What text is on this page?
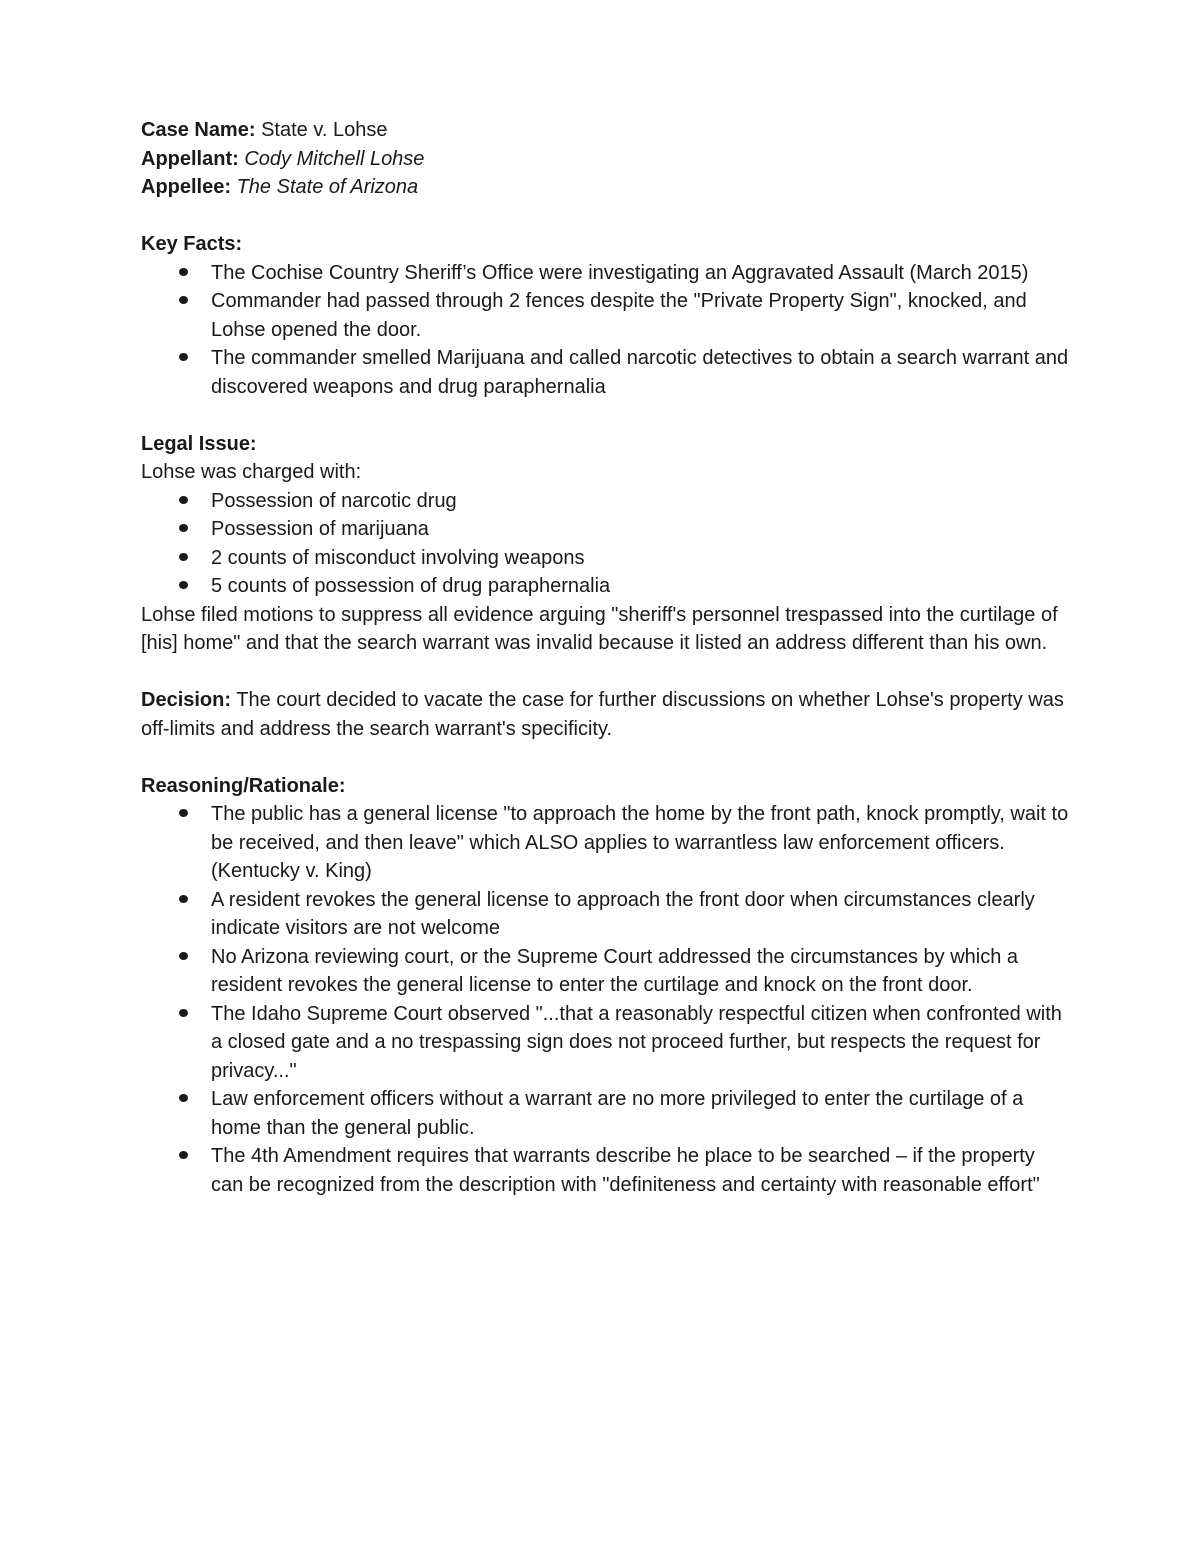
Case Name: State v. Lohse

Appellant: Cody Mitchell Lohse

Appellee: The State of Arizona

Key Facts:

The Cochise Country Sheriff’s Office were investigating an Aggravated Assault (March 2015)
Commander had passed through 2 fences despite the "Private Property Sign", knocked, and Lohse opened the door.
The commander smelled Marijuana and called narcotic detectives to obtain a search warrant and discovered weapons and drug paraphernalia

Legal Issue:

Lohse was charged with:

Possession of narcotic drug
Possession of marijuana
2 counts of misconduct involving weapons
5 counts of possession of drug paraphernalia

Lohse filed motions to suppress all evidence arguing "sheriff's personnel trespassed into the curtilage of [his] home" and that the search warrant was invalid because it listed an address different than his own.

Decision: The court decided to vacate the case for further discussions on whether Lohse's property was off-limits and address the search warrant's specificity.

Reasoning/Rationale:

The public has a general license "to approach the home by the front path, knock promptly, wait to be received, and then leave" which ALSO applies to warrantless law enforcement officers. (Kentucky v. King)
A resident revokes the general license to approach the front door when circumstances clearly indicate visitors are not welcome
No Arizona reviewing court, or the Supreme Court addressed the circumstances by which a resident revokes the general license to enter the curtilage and knock on the front door.
The Idaho Supreme Court observed "...that a reasonably respectful citizen when confronted with a closed gate and a no trespassing sign does not proceed further, but respects the request for privacy..."
Law enforcement officers without a warrant are no more privileged to enter the curtilage of a home than the general public.
The 4th Amendment requires that warrants describe he place to be searched – if the property can be recognized from the description with "definiteness and certainty with reasonable effort"
